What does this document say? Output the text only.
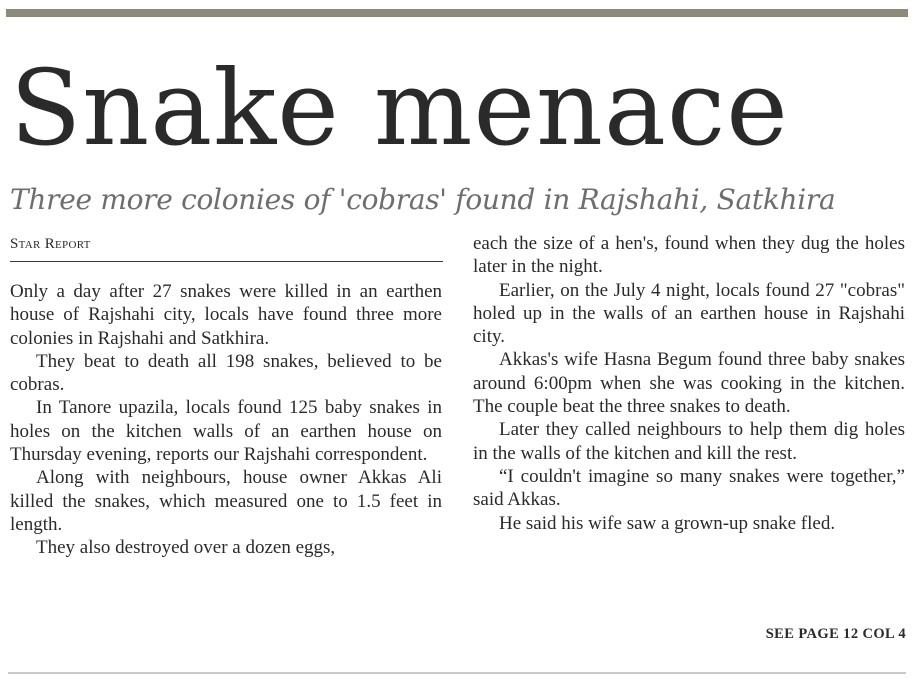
Snake menace
Three more colonies of 'cobras' found in Rajshahi, Satkhira
Star Report

Only a day after 27 snakes were killed in an earthen house of Rajshahi city, locals have found three more colonies in Rajshahi and Satkhira.

They beat to death all 198 snakes, believed to be cobras.

In Tanore upazila, locals found 125 baby snakes in holes on the kitchen walls of an earthen house on Thursday evening, reports our Rajshahi correspondent.

Along with neighbours, house owner Akkas Ali killed the snakes, which measured one to 1.5 feet in length.

They also destroyed over a dozen eggs,

each the size of a hen's, found when they dug the holes later in the night.

Earlier, on the July 4 night, locals found 27 "cobras" holed up in the walls of an earthen house in Rajshahi city.

Akkas's wife Hasna Begum found three baby snakes around 6:00pm when she was cooking in the kitchen. The couple beat the three snakes to death.

Later they called neighbours to help them dig holes in the walls of the kitchen and kill the rest.

“I couldn't imagine so many snakes were together,” said Akkas.

He said his wife saw a grown-up snake fled.

SEE PAGE 12 COL 4
